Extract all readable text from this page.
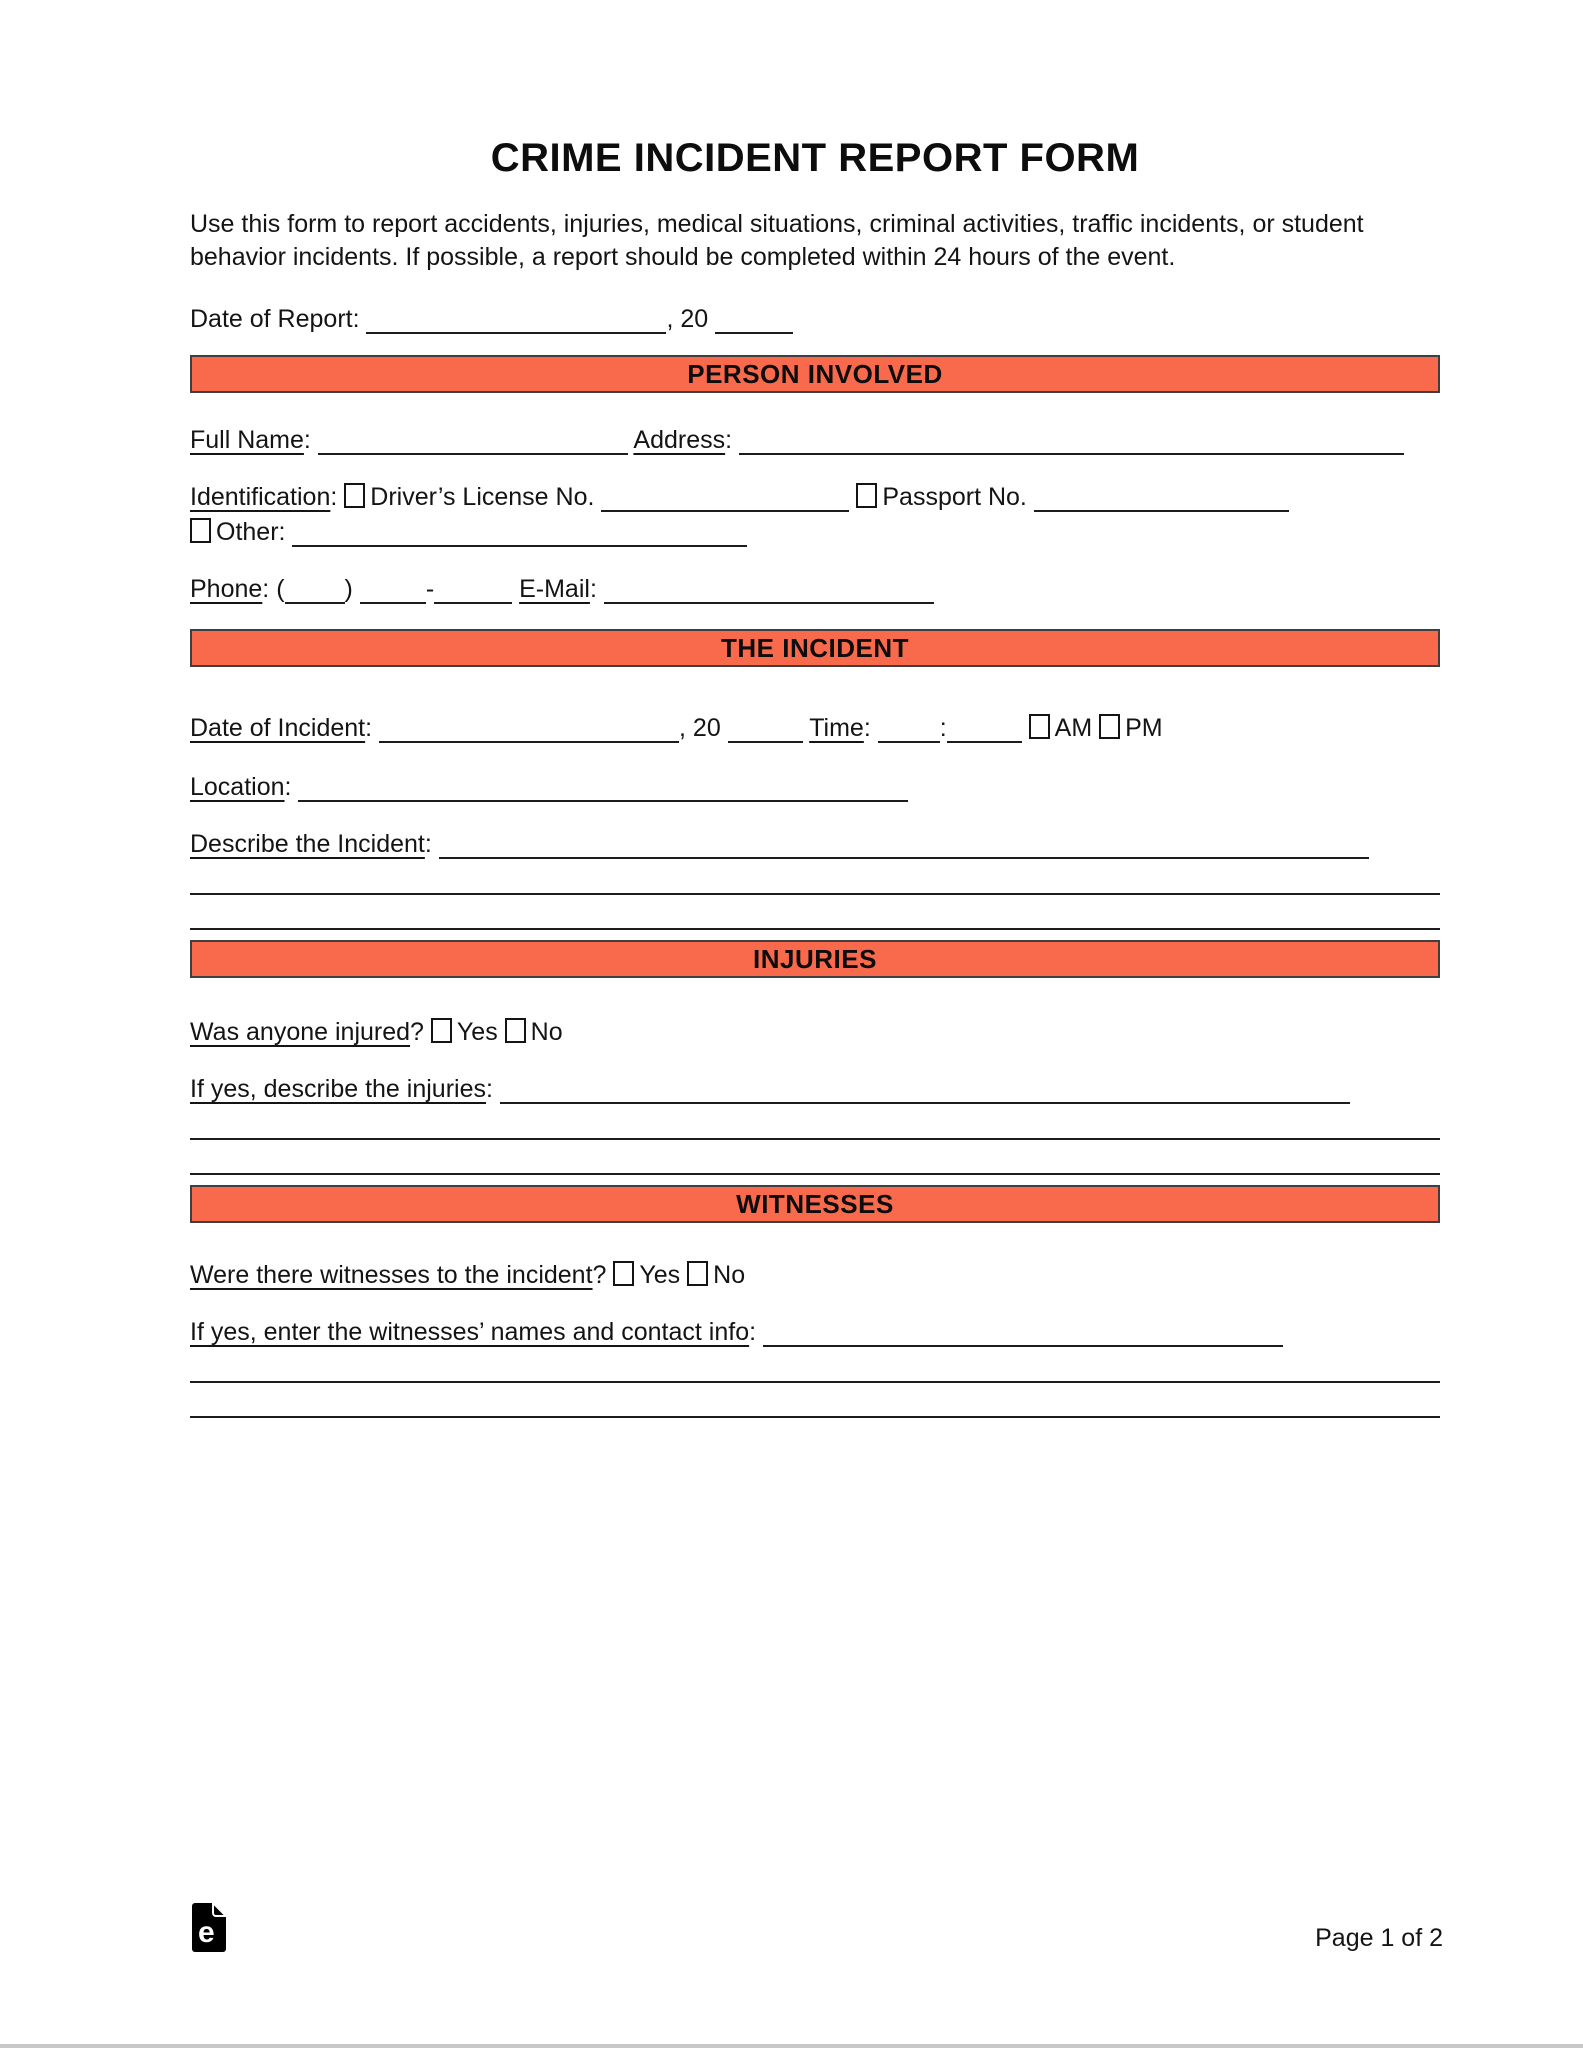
CRIME INCIDENT REPORT FORM

Use this form to report accidents, injuries, medical situations, criminal activities, traffic incidents, or student behavior incidents. If possible, a report should be completed within 24 hours of the event.

Date of Report:	, 20
PERSON INVOLVED
Full Name:	Address:
Identification: Driver’s License No.	Passport No.
Other:
Phone: ( )	-	E-Mail:
THE INCIDENT
Date of Incident:	, 20	Time:	:	AM PM
Location:
Describe the Incident:
INJURIES
Was anyone injured? Yes No
If yes, describe the injuries:
WITNESSES
Were there witnesses to the incident? Yes No
If yes, enter the witnesses’ names and contact info:
e	Page 1 of 2
